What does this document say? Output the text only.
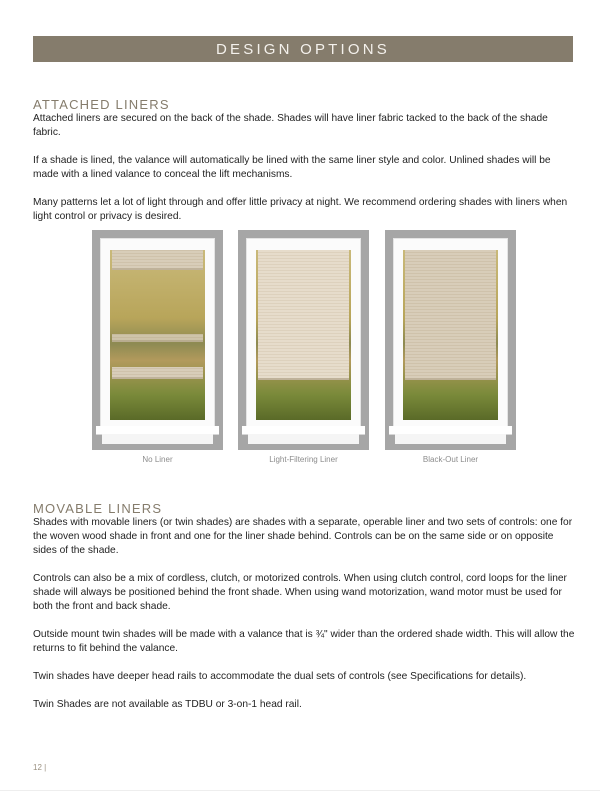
DESIGN OPTIONS
ATTACHED LINERS
Attached liners are secured on the back of the shade. Shades will have liner fabric tacked to the back of the shade fabric.
If a shade is lined, the valance will automatically be lined with the same liner style and color. Unlined shades will be made with a lined valance to conceal the lift mechanisms.
Many patterns let a lot of light through and offer little privacy at night. We recommend ordering shades with liners when light control or privacy is desired.
No Liner	Light-Filtering Liner	Black-Out Liner
MOVABLE LINERS
Shades with movable liners (or twin shades) are shades with a separate, operable liner and two sets of controls: one for the woven wood shade in front and one for the liner shade behind. Controls can be on the same side or on opposite sides of the shade.
Controls can also be a mix of cordless, clutch, or motorized controls. When using clutch control, cord loops for the liner shade will always be positioned behind the front shade. When using wand motorization, wand motor must be used for both the front and back shade.
Outside mount twin shades will be made with a valance that is ¾" wider than the ordered shade width. This will allow the returns to fit behind the valance.
Twin shades have deeper head rails to accommodate the dual sets of controls (see Specifications for details).
Twin Shades are not available as TDBU or 3-on-1 head rail.
12 |
